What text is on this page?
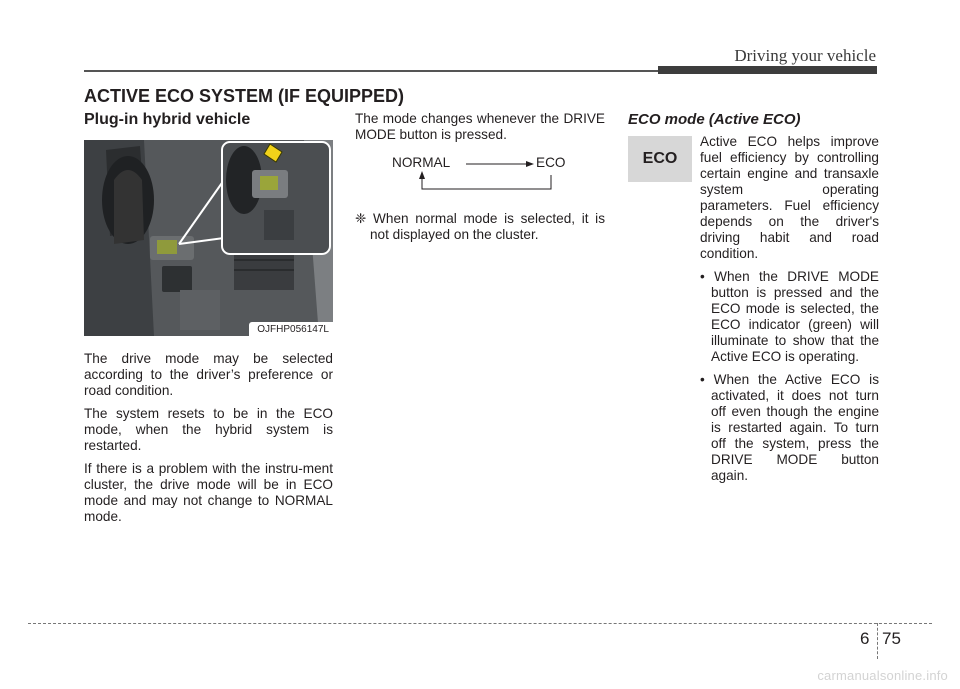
Driving your vehicle
ACTIVE ECO SYSTEM (IF EQUIPPED)
Plug-in hybrid vehicle
OJFHP056147L

The drive mode may be selected according to the driver’s preference or road condition.

The system resets to be in the ECO mode, when the hybrid system is restarted.

If there is a problem with the instru-ment cluster, the drive mode will be in ECO mode and may not change to NORMAL mode.

The mode changes whenever the DRIVE MODE button is pressed.
NORMAL	ECO
❈ When normal mode is selected, it is not displayed on the cluster.
ECO mode (Active ECO)
ECO

Active ECO helps improve fuel efficiency by controlling certain engine and transaxle system operating parameters. Fuel efficiency depends on the driver's driving habit and road condition.

• When the DRIVE MODE button is pressed and the ECO mode is selected, the ECO indicator (green) will illuminate to show that the Active ECO is operating.

• When the Active ECO is activated, it does not turn off even though the engine is restarted again. To turn off the system, press the DRIVE MODE button again.

6 75
carmanualsonline.info
